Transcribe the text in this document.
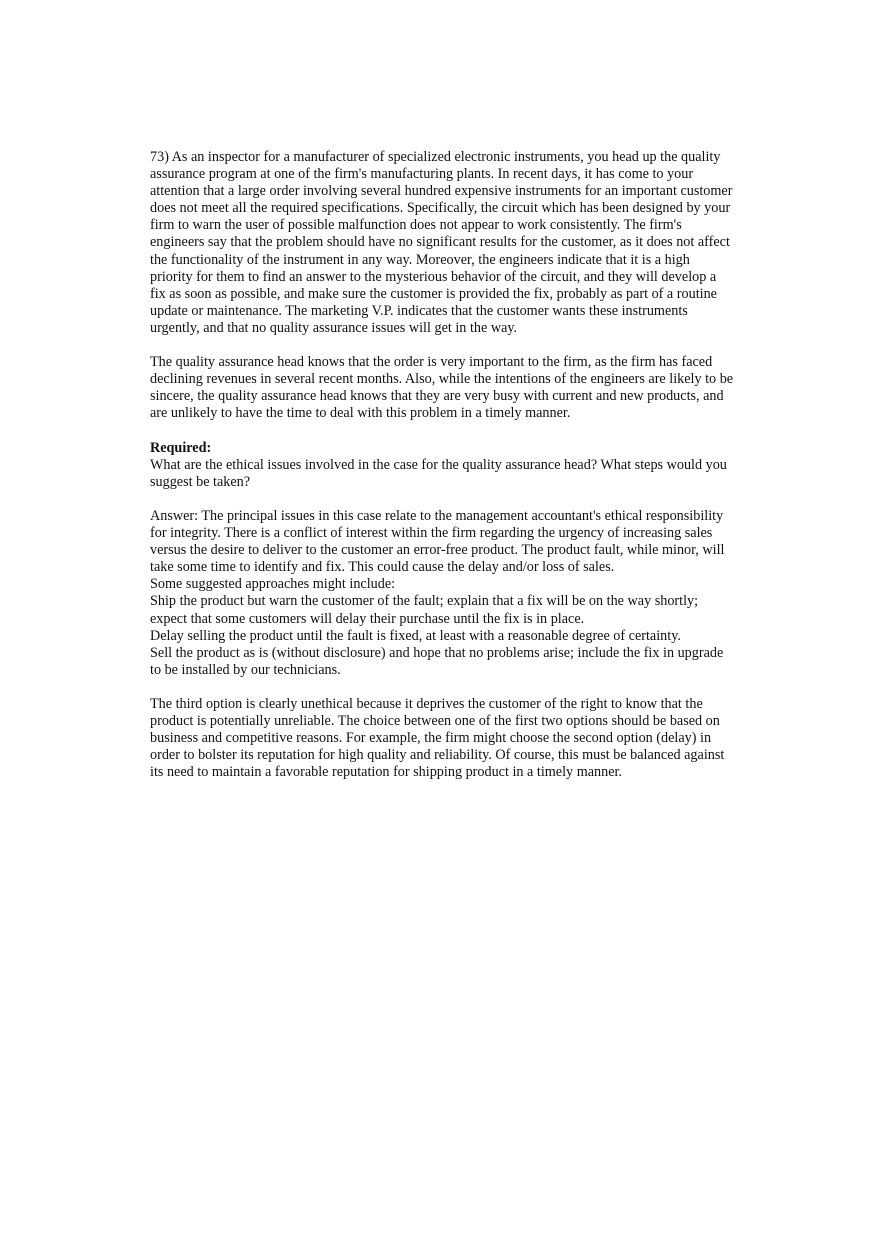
73) As an inspector for a manufacturer of specialized electronic instruments, you head up the quality assurance program at one of the firm's manufacturing plants. In recent days, it has come to your attention that a large order involving several hundred expensive instruments for an important customer does not meet all the required specifications. Specifically, the circuit which has been designed by your firm to warn the user of possible malfunction does not appear to work consistently. The firm's engineers say that the problem should have no significant results for the customer, as it does not affect the functionality of the instrument in any way. Moreover, the engineers indicate that it is a high priority for them to find an answer to the mysterious behavior of the circuit, and they will develop a fix as soon as possible, and make sure the customer is provided the fix, probably as part of a routine update or maintenance. The marketing V.P. indicates that the customer wants these instruments urgently, and that no quality assurance issues will get in the way.

The quality assurance head knows that the order is very important to the firm, as the firm has faced declining revenues in several recent months. Also, while the intentions of the engineers are likely to be sincere, the quality assurance head knows that they are very busy with current and new products, and are unlikely to have the time to deal with this problem in a timely manner.

Required:

What are the ethical issues involved in the case for the quality assurance head? What steps would you suggest be taken?

Answer: The principal issues in this case relate to the management accountant's ethical responsibility for integrity. There is a conflict of interest within the firm regarding the urgency of increasing sales versus the desire to deliver to the customer an error-free product. The product fault, while minor, will take some time to identify and fix. This could cause the delay and/or loss of sales.

Some suggested approaches might include:

Ship the product but warn the customer of the fault; explain that a fix will be on the way shortly; expect that some customers will delay their purchase until the fix is in place.

Delay selling the product until the fault is fixed, at least with a reasonable degree of certainty.

Sell the product as is (without disclosure) and hope that no problems arise; include the fix in upgrade to be installed by our technicians.

The third option is clearly unethical because it deprives the customer of the right to know that the product is potentially unreliable. The choice between one of the first two options should be based on business and competitive reasons. For example, the firm might choose the second option (delay) in order to bolster its reputation for high quality and reliability. Of course, this must be balanced against its need to maintain a favorable reputation for shipping product in a timely manner.
